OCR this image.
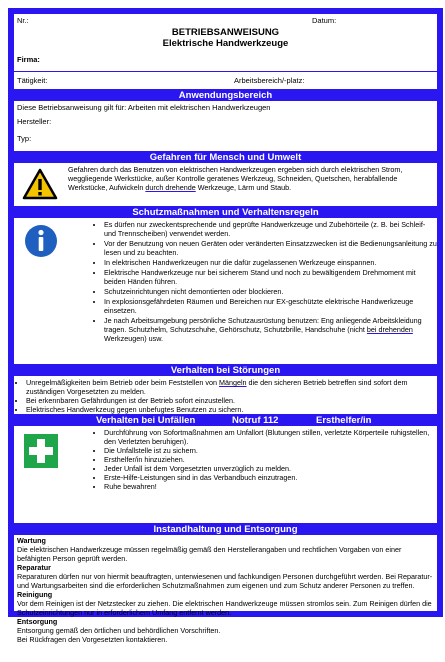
Nr.:	Datum:
BETRIEBSANWEISUNG
Elektrische Handwerkzeuge
Firma:
Tätigkeit:	Arbeitsbereich/-platz:
Anwendungsbereich
Diese Betriebsanweisung gilt für: Arbeiten mit elektrischen Handwerkzeugen
Hersteller:
Typ:
Gefahren für Mensch und Umwelt
Gefahren durch das Benutzen von elektrischen Handwerkzeugen ergeben sich durch elektrischen Strom, weggliegende Werkstücke, außer Kontrolle geratenes Werkzeug, Schneiden, Quetschen, herabfallende Werkstücke, Aufwickeln durch drehende Werkzeuge, Lärm und Staub.
Schutzmaßnahmen und Verhaltensregeln
• Es dürfen nur zweckentsprechende und geprüfte Handwerkzeuge und Zubehörteile (z. B. bei Schleif- und Trennscheiben) verwendet werden.
• Vor der Benutzung von neuen Geräten oder veränderten Einsatzzwecken ist die Bedienungsanleitung zu lesen und zu beachten.
• In elektrischen Handwerkzeugen nur die dafür zugelassenen Werkzeuge einspannen.
• Elektrische Handwerkzeuge nur bei sicherem Stand und noch zu bewältigendem Drehmoment mit beiden Händen führen.
• Schutzeinrichtungen nicht demontierten oder blockieren.
• In explosionsgefährdeten Räumen und Bereichen nur EX-geschützte elektrische Handwerkzeuge einsetzen.
• Je nach Arbeitsumgebung persönliche Schutzausrüstung benutzen: Eng anliegende Arbeitskleidung tragen. Schutzhelm, Schutzschuhe, Gehörschutz, Schutzbrille, Handschuhe (nicht bei drehenden Werkzeugen) usw.
Verhalten bei Störungen
• Unregelmäßigkeiten beim Betrieb oder beim Feststellen von Mängeln die den sicheren Betrieb betreffen sind sofort dem zuständigen Vorgesetzten zu melden.
• Bei erkennbaren Gefährdungen ist der Betrieb sofort einzustellen.
• Elektrisches Handwerkzeug gegen unbefugtes Benutzen zu sichern.
Verhalten bei Unfällen	Notruf 112	Ersthelfer/in
• Durchführung von Sofortmaßnahmen am Unfallort (Blutungen stillen, verletzte Körperteile ruhigstellen, den Verletzten beruhigen).
• Die Unfallstelle ist zu sichern.
• Ersthelfer/in hinzuziehen.
• Jeder Unfall ist dem Vorgesetzten unverzüglich zu melden.
• Erste-Hilfe-Leistungen sind in das Verbandbuch einzutragen.
• Ruhe bewahren!
Instandhaltung und Entsorgung
Wartung
Die elektrischen Handwerkzeuge müssen regelmäßig gemäß den Herstellerangaben und rechtlichen Vorgaben von einer befähigten Person geprüft werden.
Reparatur
Reparaturen dürfen nur von hiermit beauftragten, unterwiesenen und fachkundigen Personen durchgeführt werden. Bei Reparatur- und Wartungsarbeiten sind die erforderlichen Schutzmaßnahmen zum eigenen und zum Schutz anderer Personen zu treffen.
Reinigung
Vor dem Reinigen ist der Netzstecker zu ziehen. Die elektrischen Handwerkzeuge müssen stromlos sein. Zum Reinigen dürfen die Schutzeinrichtungen nur in erforderlichem Umfang entfernt werden.
Entsorgung
Entsorgung gemäß den örtlichen und behördlichen Vorschriften.
Bei Rückfragen den Vorgesetzten kontaktieren.
